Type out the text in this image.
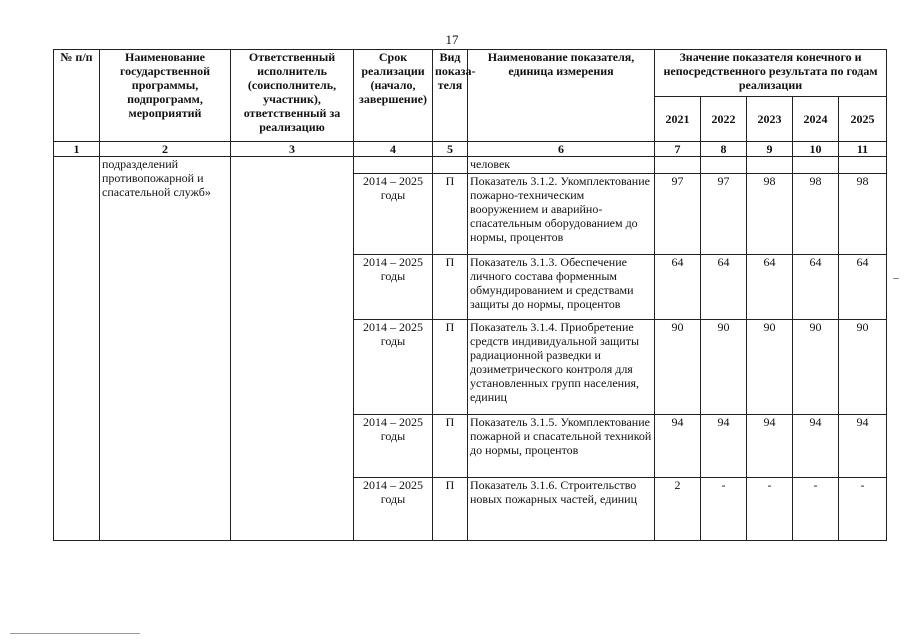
17
№ п/п	Наименование государственной программы, подпрограмм, мероприятий	Ответственный исполнитель (соисполнитель, участник), ответственный за реализацию	Срок реализации (начало, завершение)	Вид показа-теля	Наименование показателя, единица измерения	Значение показателя конечного и непосредственного результата по годам реализации				
						2021	2022	2023	2024	2025
1	2	3	4	5	6	7	8	9	10	11
	подразделений противопожарной и спасательной служб»				человек					
			2014 – 2025 годы	П	Показатель 3.1.2. Укомплектование пожарно-техническим вооружением и аварийно-спасательным оборудованием до нормы, процентов	97	97	98	98	98
			2014 – 2025 годы	П	Показатель 3.1.3. Обеспечение личного состава форменным обмундированием и средствами защиты до нормы, процентов	64	64	64	64	64
			2014 – 2025 годы	П	Показатель 3.1.4. Приобретение средств индивидуальной защиты радиационной разведки и дозиметрического контроля для установленных групп населения, единиц	90	90	90	90	90
			2014 – 2025 годы	П	Показатель 3.1.5. Укомплектование пожарной и спасательной техникой до нормы, процентов	94	94	94	94	94
			2014 – 2025 годы	П	Показатель 3.1.6. Строительство новых пожарных частей, единиц	2	-	-	-	-
